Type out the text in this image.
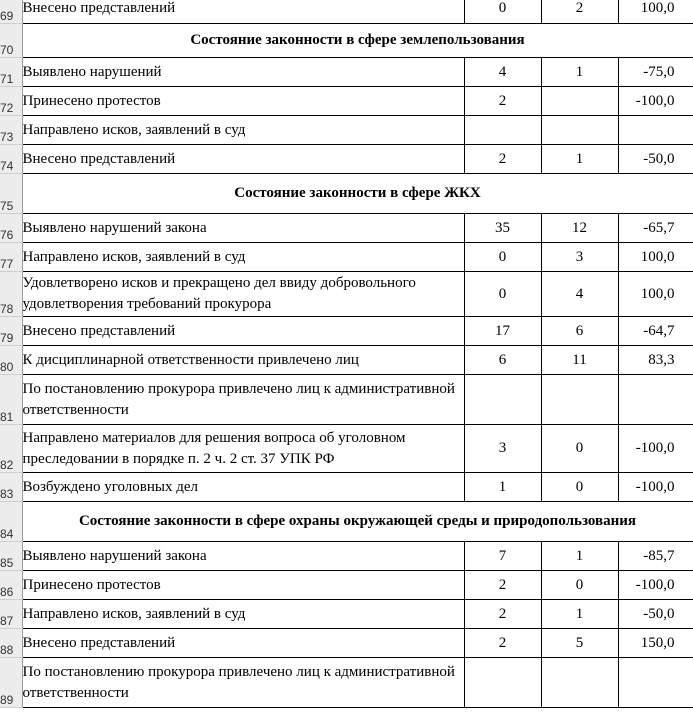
69	Внесено представлений	0	2	100,0
70	Состояние законности в сфере землепользования			
71	Выявлено нарушений	4	1	-75,0
72	Принесено протестов	2		-100,0
73	Направлено исков, заявлений в суд			
74	Внесено представлений	2	1	-50,0
75	Состояние законности в сфере ЖКХ			
76	Выявлено нарушений закона	35	12	-65,7
77	Направлено исков, заявлений в суд	0	3	100,0
78	Удовлетворено исков и прекращено дел ввиду добровольного удовлетворения требований прокурора	0	4	100,0
79	Внесено представлений	17	6	-64,7
80	К дисциплинарной ответственности привлечено лиц	6	11	83,3
81	По постановлению прокурора привлечено лиц к административной ответственности			
82	Направлено материалов для решения вопроса об уголовном преследовании в порядке п. 2 ч. 2 ст. 37 УПК РФ	3	0	-100,0
83	Возбуждено уголовных дел	1	0	-100,0
84	Состояние законности в сфере охраны окружающей среды и природопользования			
85	Выявлено нарушений закона	7	1	-85,7
86	Принесено протестов	2	0	-100,0
87	Направлено исков, заявлений в суд	2	1	-50,0
88	Внесено представлений	2	5	150,0
89	По постановлению прокурора привлечено лиц к административной ответственности			
